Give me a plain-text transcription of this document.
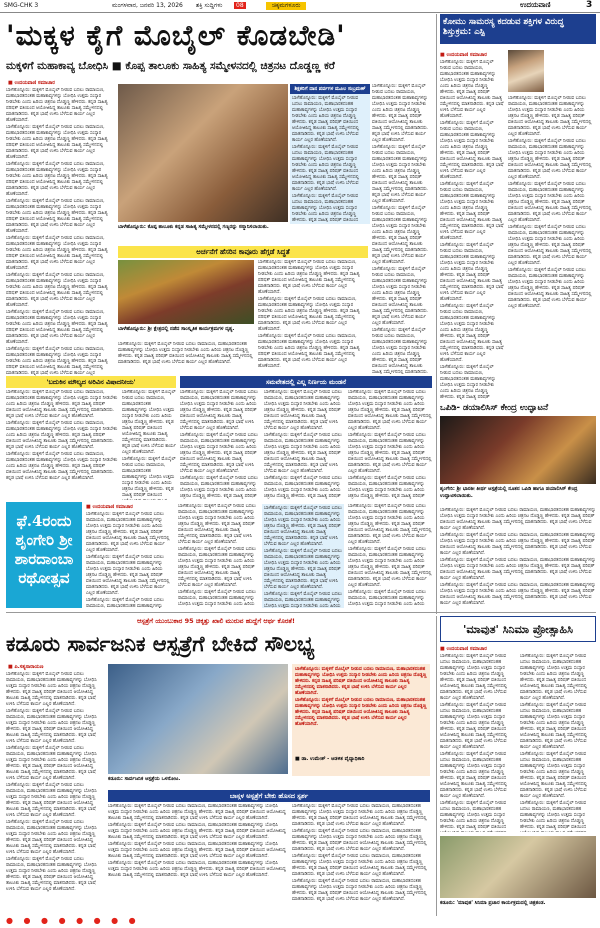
SMG-CHK 3	ಮಂಗಳವಾರ, ಜನವರಿ 13, 2026 ಶಕ್ತಿ ಸುದ್ದಿಗಳು	08	ಚಿಕ್ಕಮಗಳೂರು	ಉದಯವಾಣಿ	3
'ಮಕ್ಕಳ ಕೈಗೆ ಮೊಬೈಲ್ ಕೊಡಬೇಡಿ'
ಮಕ್ಕಳಿಗೆ ಮಹಾಕಾವ್ಯ ಬೋಧಿಸಿ ■ ಕೊಪ್ಪ ತಾಲೂಕು ಸಾಹಿತ್ಯ ಸಮ್ಮೇಳನದಲ್ಲಿ ಚಿತ್ರನಟ ದೊಡ್ಡಣ್ಣ ಕರೆ
■ ಉದಯವಾಣಿ ಸಮಾಚಾರ

ಬಾಳೆಹೊನ್ನೂರು: ಮಕ್ಕಳಿಗೆ ಮೊಬೈಲ್ ನೀಡುವ ಬದಲು ರಾಮಾಯಣ, ಮಹಾಭಾರತದಂತಹ ಮಹಾಕಾವ್ಯಗಳನ್ನು ಬೋಧಿಸಿ ಉತ್ತಮ ಸಂಸ್ಕಾರ ನೀಡಬೇಕು ಎಂದು ಹಿರಿಯ ಚಿತ್ರನಟ ದೊಡ್ಡಣ್ಣ ಹೇಳಿದರು. ಕನ್ನಡ ಸಾಹಿತ್ಯ ಪರಿಷತ್ ವತಿಯಿಂದ ಆಯೋಜಿಸಿದ್ದ ತಾಲೂಕು ಸಾಹಿತ್ಯ ಸಮ್ಮೇಳನದಲ್ಲಿ ಮಾತನಾಡಿದರು. ಕನ್ನಡ ಭಾಷೆ ಉಳಿಸಿ ಬೆಳೆಸುವ ಕಾರ್ಯ ಎಲ್ಲರ ಹೊಣೆಯಾಗಿದೆ.

ಬಾಳೆಹೊನ್ನೂರು: ಮಕ್ಕಳಿಗೆ ಮೊಬೈಲ್ ನೀಡುವ ಬದಲು ರಾಮಾಯಣ, ಮಹಾಭಾರತದಂತಹ ಮಹಾಕಾವ್ಯಗಳನ್ನು ಬೋಧಿಸಿ ಉತ್ತಮ ಸಂಸ್ಕಾರ ನೀಡಬೇಕು ಎಂದು ಹಿರಿಯ ಚಿತ್ರನಟ ದೊಡ್ಡಣ್ಣ ಹೇಳಿದರು. ಕನ್ನಡ ಸಾಹಿತ್ಯ ಪರಿಷತ್ ವತಿಯಿಂದ ಆಯೋಜಿಸಿದ್ದ ತಾಲೂಕು ಸಾಹಿತ್ಯ ಸಮ್ಮೇಳನದಲ್ಲಿ ಮಾತನಾಡಿದರು. ಕನ್ನಡ ಭಾಷೆ ಉಳಿಸಿ ಬೆಳೆಸುವ ಕಾರ್ಯ ಎಲ್ಲರ ಹೊಣೆಯಾಗಿದೆ.

ಬಾಳೆಹೊನ್ನೂರು: ಮಕ್ಕಳಿಗೆ ಮೊಬೈಲ್ ನೀಡುವ ಬದಲು ರಾಮಾಯಣ, ಮಹಾಭಾರತದಂತಹ ಮಹಾಕಾವ್ಯಗಳನ್ನು ಬೋಧಿಸಿ ಉತ್ತಮ ಸಂಸ್ಕಾರ ನೀಡಬೇಕು ಎಂದು ಹಿರಿಯ ಚಿತ್ರನಟ ದೊಡ್ಡಣ್ಣ ಹೇಳಿದರು. ಕನ್ನಡ ಸಾಹಿತ್ಯ ಪರಿಷತ್ ವತಿಯಿಂದ ಆಯೋಜಿಸಿದ್ದ ತಾಲೂಕು ಸಾಹಿತ್ಯ ಸಮ್ಮೇಳನದಲ್ಲಿ ಮಾತನಾಡಿದರು. ಕನ್ನಡ ಭಾಷೆ ಉಳಿಸಿ ಬೆಳೆಸುವ ಕಾರ್ಯ ಎಲ್ಲರ ಹೊಣೆಯಾಗಿದೆ.

ಬಾಳೆಹೊನ್ನೂರು: ಮಕ್ಕಳಿಗೆ ಮೊಬೈಲ್ ನೀಡುವ ಬದಲು ರಾಮಾಯಣ, ಮಹಾಭಾರತದಂತಹ ಮಹಾಕಾವ್ಯಗಳನ್ನು ಬೋಧಿಸಿ ಉತ್ತಮ ಸಂಸ್ಕಾರ ನೀಡಬೇಕು ಎಂದು ಹಿರಿಯ ಚಿತ್ರನಟ ದೊಡ್ಡಣ್ಣ ಹೇಳಿದರು. ಕನ್ನಡ ಸಾಹಿತ್ಯ ಪರಿಷತ್ ವತಿಯಿಂದ ಆಯೋಜಿಸಿದ್ದ ತಾಲೂಕು ಸಾಹಿತ್ಯ ಸಮ್ಮೇಳನದಲ್ಲಿ ಮಾತನಾಡಿದರು. ಕನ್ನಡ ಭಾಷೆ ಉಳಿಸಿ ಬೆಳೆಸುವ ಕಾರ್ಯ ಎಲ್ಲರ ಹೊಣೆಯಾಗಿದೆ.

ಬಾಳೆಹೊನ್ನೂರು: ಮಕ್ಕಳಿಗೆ ಮೊಬೈಲ್ ನೀಡುವ ಬದಲು ರಾಮಾಯಣ, ಮಹಾಭಾರತದಂತಹ ಮಹಾಕಾವ್ಯಗಳನ್ನು ಬೋಧಿಸಿ ಉತ್ತಮ ಸಂಸ್ಕಾರ ನೀಡಬೇಕು ಎಂದು ಹಿರಿಯ ಚಿತ್ರನಟ ದೊಡ್ಡಣ್ಣ ಹೇಳಿದರು. ಕನ್ನಡ ಸಾಹಿತ್ಯ ಪರಿಷತ್ ವತಿಯಿಂದ ಆಯೋಜಿಸಿದ್ದ ತಾಲೂಕು ಸಾಹಿತ್ಯ ಸಮ್ಮೇಳನದಲ್ಲಿ ಮಾತನಾಡಿದರು. ಕನ್ನಡ ಭಾಷೆ ಉಳಿಸಿ ಬೆಳೆಸುವ ಕಾರ್ಯ ಎಲ್ಲರ ಹೊಣೆಯಾಗಿದೆ.

ಬಾಳೆಹೊನ್ನೂರು: ಮಕ್ಕಳಿಗೆ ಮೊಬೈಲ್ ನೀಡುವ ಬದಲು ರಾಮಾಯಣ, ಮಹಾಭಾರತದಂತಹ ಮಹಾಕಾವ್ಯಗಳನ್ನು ಬೋಧಿಸಿ ಉತ್ತಮ ಸಂಸ್ಕಾರ ನೀಡಬೇಕು ಎಂದು ಹಿರಿಯ ಚಿತ್ರನಟ ದೊಡ್ಡಣ್ಣ ಹೇಳಿದರು. ಕನ್ನಡ ಸಾಹಿತ್ಯ ಪರಿಷತ್ ವತಿಯಿಂದ ಆಯೋಜಿಸಿದ್ದ ತಾಲೂಕು ಸಾಹಿತ್ಯ ಸಮ್ಮೇಳನದಲ್ಲಿ ಮಾತನಾಡಿದರು. ಕನ್ನಡ ಭಾಷೆ ಉಳಿಸಿ ಬೆಳೆಸುವ ಕಾರ್ಯ ಎಲ್ಲರ ಹೊಣೆಯಾಗಿದೆ.

ಬಾಳೆಹೊನ್ನೂರು: ಮಕ್ಕಳಿಗೆ ಮೊಬೈಲ್ ನೀಡುವ ಬದಲು ರಾಮಾಯಣ, ಮಹಾಭಾರತದಂತಹ ಮಹಾಕಾವ್ಯಗಳನ್ನು ಬೋಧಿಸಿ ಉತ್ತಮ ಸಂಸ್ಕಾರ ನೀಡಬೇಕು ಎಂದು ಹಿರಿಯ ಚಿತ್ರನಟ ದೊಡ್ಡಣ್ಣ ಹೇಳಿದರು. ಕನ್ನಡ ಸಾಹಿತ್ಯ ಪರಿಷತ್ ವತಿಯಿಂದ ಆಯೋಜಿಸಿದ್ದ ತಾಲೂಕು ಸಾಹಿತ್ಯ ಸಮ್ಮೇಳನದಲ್ಲಿ ಮಾತನಾಡಿದರು. ಕನ್ನಡ ಭಾಷೆ ಉಳಿಸಿ ಬೆಳೆಸುವ ಕಾರ್ಯ ಎಲ್ಲರ ಹೊಣೆಯಾಗಿದೆ.

ಬಾಳೆಹೊನ್ನೂರು: ಮಕ್ಕಳಿಗೆ ಮೊಬೈಲ್ ನೀಡುವ ಬದಲು ರಾಮಾಯಣ, ಮಹಾಭಾರತದಂತಹ ಮಹಾಕಾವ್ಯಗಳನ್ನು ಬೋಧಿಸಿ ಉತ್ತಮ ಸಂಸ್ಕಾರ ನೀಡಬೇಕು ಎಂದು ಹಿರಿಯ ಚಿತ್ರನಟ ದೊಡ್ಡಣ್ಣ ಹೇಳಿದರು. ಕನ್ನಡ ಸಾಹಿತ್ಯ ಪರಿಷತ್ ವತಿಯಿಂದ ಆಯೋಜಿಸಿದ್ದ ತಾಲೂಕು ಸಾಹಿತ್ಯ ಸಮ್ಮೇಳನದಲ್ಲಿ ಮಾತನಾಡಿದರು. ಕನ್ನಡ ಭಾಷೆ ಉಳಿಸಿ ಬೆಳೆಸುವ ಕಾರ್ಯ ಎಲ್ಲರ

ಬಾಳೆಹೊನ್ನೂರು: ಕೊಪ್ಪ ತಾಲೂಕು ಕನ್ನಡ ಸಾಹಿತ್ಯ ಸಮ್ಮೇಳನದಲ್ಲಿ ಗಣ್ಯರನ್ನು ಸನ್ಮಾನಿಸಲಾಯಿತು.
ಶಿಕ್ಷಕರಿಗೆ ದಾನ ಪರ್ವಗಳ ಮೂಲ ಸುಬ್ರಮಣ್

ಬಾಳೆಹೊನ್ನೂರು: ಮಕ್ಕಳಿಗೆ ಮೊಬೈಲ್ ನೀಡುವ ಬದಲು ರಾಮಾಯಣ, ಮಹಾಭಾರತದಂತಹ ಮಹಾಕಾವ್ಯಗಳನ್ನು ಬೋಧಿಸಿ ಉತ್ತಮ ಸಂಸ್ಕಾರ ನೀಡಬೇಕು ಎಂದು ಹಿರಿಯ ಚಿತ್ರನಟ ದೊಡ್ಡಣ್ಣ ಹೇಳಿದರು. ಕನ್ನಡ ಸಾಹಿತ್ಯ ಪರಿಷತ್ ವತಿಯಿಂದ ಆಯೋಜಿಸಿದ್ದ ತಾಲೂಕು ಸಾಹಿತ್ಯ ಸಮ್ಮೇಳನದಲ್ಲಿ ಮಾತನಾಡಿದರು. ಕನ್ನಡ ಭಾಷೆ ಉಳಿಸಿ ಬೆಳೆಸುವ ಕಾರ್ಯ ಎಲ್ಲರ ಹೊಣೆಯಾಗಿದೆ.

ಬಾಳೆಹೊನ್ನೂರು: ಮಕ್ಕಳಿಗೆ ಮೊಬೈಲ್ ನೀಡುವ ಬದಲು ರಾಮಾಯಣ, ಮಹಾಭಾರತದಂತಹ ಮಹಾಕಾವ್ಯಗಳನ್ನು ಬೋಧಿಸಿ ಉತ್ತಮ ಸಂಸ್ಕಾರ ನೀಡಬೇಕು ಎಂದು ಹಿರಿಯ ಚಿತ್ರನಟ ದೊಡ್ಡಣ್ಣ ಹೇಳಿದರು. ಕನ್ನಡ ಸಾಹಿತ್ಯ ಪರಿಷತ್ ವತಿಯಿಂದ ಆಯೋಜಿಸಿದ್ದ ತಾಲೂಕು ಸಾಹಿತ್ಯ ಸಮ್ಮೇಳನದಲ್ಲಿ ಮಾತನಾಡಿದರು. ಕನ್ನಡ ಭಾಷೆ ಉಳಿಸಿ ಬೆಳೆಸುವ ಕಾರ್ಯ ಎಲ್ಲರ ಹೊಣೆಯಾಗಿದೆ.

ಬಾಳೆಹೊನ್ನೂರು: ಮಕ್ಕಳಿಗೆ ಮೊಬೈಲ್ ನೀಡುವ ಬದಲು ರಾಮಾಯಣ, ಮಹಾಭಾರತದಂತಹ ಮಹಾಕಾವ್ಯಗಳನ್ನು ಬೋಧಿಸಿ ಉತ್ತಮ ಸಂಸ್ಕಾರ ನೀಡಬೇಕು ಎಂದು ಹಿರಿಯ ಚಿತ್ರನಟ ದೊಡ್ಡಣ್ಣ ಹೇಳಿದರು. ಕನ್ನಡ ಸಾಹಿತ್ಯ ಪರಿಷತ್ ವತಿಯಿಂದ

ಬಾಳೆಹೊನ್ನೂರು: ಮಕ್ಕಳಿಗೆ ಮೊಬೈಲ್ ನೀಡುವ ಬದಲು ರಾಮಾಯಣ, ಮಹಾಭಾರತದಂತಹ ಮಹಾಕಾವ್ಯಗಳನ್ನು ಬೋಧಿಸಿ ಉತ್ತಮ ಸಂಸ್ಕಾರ ನೀಡಬೇಕು ಎಂದು ಹಿರಿಯ ಚಿತ್ರನಟ ದೊಡ್ಡಣ್ಣ ಹೇಳಿದರು. ಕನ್ನಡ ಸಾಹಿತ್ಯ ಪರಿಷತ್ ವತಿಯಿಂದ ಆಯೋಜಿಸಿದ್ದ ತಾಲೂಕು ಸಾಹಿತ್ಯ ಸಮ್ಮೇಳನದಲ್ಲಿ ಮಾತನಾಡಿದರು. ಕನ್ನಡ ಭಾಷೆ ಉಳಿಸಿ ಬೆಳೆಸುವ ಕಾರ್ಯ ಎಲ್ಲರ ಹೊಣೆಯಾಗಿದೆ.

ಬಾಳೆಹೊನ್ನೂರು: ಮಕ್ಕಳಿಗೆ ಮೊಬೈಲ್ ನೀಡುವ ಬದಲು ರಾಮಾಯಣ, ಮಹಾಭಾರತದಂತಹ ಮಹಾಕಾವ್ಯಗಳನ್ನು ಬೋಧಿಸಿ ಉತ್ತಮ ಸಂಸ್ಕಾರ ನೀಡಬೇಕು ಎಂದು ಹಿರಿಯ ಚಿತ್ರನಟ ದೊಡ್ಡಣ್ಣ ಹೇಳಿದರು. ಕನ್ನಡ ಸಾಹಿತ್ಯ ಪರಿಷತ್ ವತಿಯಿಂದ ಆಯೋಜಿಸಿದ್ದ ತಾಲೂಕು ಸಾಹಿತ್ಯ ಸಮ್ಮೇಳನದಲ್ಲಿ ಮಾತನಾಡಿದರು. ಕನ್ನಡ ಭಾಷೆ ಉಳಿಸಿ ಬೆಳೆಸುವ ಕಾರ್ಯ ಎಲ್ಲರ ಹೊಣೆಯಾಗಿದೆ.

ಬಾಳೆಹೊನ್ನೂರು: ಮಕ್ಕಳಿಗೆ ಮೊಬೈಲ್ ನೀಡುವ ಬದಲು ರಾಮಾಯಣ, ಮಹಾಭಾರತದಂತಹ ಮಹಾಕಾವ್ಯಗಳನ್ನು ಬೋಧಿಸಿ ಉತ್ತಮ ಸಂಸ್ಕಾರ ನೀಡಬೇಕು ಎಂದು ಹಿರಿಯ ಚಿತ್ರನಟ ದೊಡ್ಡಣ್ಣ ಹೇಳಿದರು. ಕನ್ನಡ ಸಾಹಿತ್ಯ ಪರಿಷತ್ ವತಿಯಿಂದ ಆಯೋಜಿಸಿದ್ದ ತಾಲೂಕು ಸಾಹಿತ್ಯ ಸಮ್ಮೇಳನದಲ್ಲಿ ಮಾತನಾಡಿದರು. ಕನ್ನಡ ಭಾಷೆ ಉಳಿಸಿ ಬೆಳೆಸುವ ಕಾರ್ಯ ಎಲ್ಲರ ಹೊಣೆಯಾಗಿದೆ.

ಬಾಳೆಹೊನ್ನೂರು: ಮಕ್ಕಳಿಗೆ ಮೊಬೈಲ್ ನೀಡುವ ಬದಲು ರಾಮಾಯಣ, ಮಹಾಭಾರತದಂತಹ ಮಹಾಕಾವ್ಯಗಳನ್ನು ಬೋಧಿಸಿ ಉತ್ತಮ ಸಂಸ್ಕಾರ ನೀಡಬೇಕು ಎಂದು ಹಿರಿಯ ಚಿತ್ರನಟ ದೊಡ್ಡಣ್ಣ ಹೇಳಿದರು. ಕನ್ನಡ ಸಾಹಿತ್ಯ ಪರಿಷತ್ ವತಿಯಿಂದ ಆಯೋಜಿಸಿದ್ದ ತಾಲೂಕು ಸಾಹಿತ್ಯ ಸಮ್ಮೇಳನದಲ್ಲಿ ಮಾತನಾಡಿದರು. ಕನ್ನಡ ಭಾಷೆ ಉಳಿಸಿ ಬೆಳೆಸುವ ಕಾರ್ಯ ಎಲ್ಲರ ಹೊಣೆಯಾಗಿದೆ.

ಬಾಳೆಹೊನ್ನೂರು: ಮಕ್ಕಳಿಗೆ ಮೊಬೈಲ್ ನೀಡುವ ಬದಲು ರಾಮಾಯಣ, ಮಹಾಭಾರತದಂತಹ ಮಹಾಕಾವ್ಯಗಳನ್ನು ಬೋಧಿಸಿ ಉತ್ತಮ ಸಂಸ್ಕಾರ ನೀಡಬೇಕು ಎಂದು ಹಿರಿಯ ಚಿತ್ರನಟ ದೊಡ್ಡಣ್ಣ ಹೇಳಿದರು. ಕನ್ನಡ ಸಾಹಿತ್ಯ ಪರಿಷತ್ ವತಿಯಿಂದ ಆಯೋಜಿಸಿದ್ದ ತಾಲೂಕು ಸಾಹಿತ್ಯ ಸಮ್ಮೇಳನದಲ್ಲಿ ಮಾತನಾಡಿದರು.

ಅರ್ಚನೆಗೆ ಹೆಸರಿನ ಕಾವೂರು ಹೆಗ್ಗಡೆ ಸಿದ್ಧತೆ
ಬಾಳೆಹೊನ್ನೂರು: ಶ್ರೀ ಕ್ಷೇತ್ರದಲ್ಲಿ ನಡೆದ ಸಾಂಸ್ಕೃತಿಕ ಕಾರ್ಯಕ್ರಮಗಳ ದೃಶ್ಯ.

ಬಾಳೆಹೊನ್ನೂರು: ಮಕ್ಕಳಿಗೆ ಮೊಬೈಲ್ ನೀಡುವ ಬದಲು ರಾಮಾಯಣ, ಮಹಾಭಾರತದಂತಹ ಮಹಾಕಾವ್ಯಗಳನ್ನು ಬೋಧಿಸಿ ಉತ್ತಮ ಸಂಸ್ಕಾರ ನೀಡಬೇಕು ಎಂದು ಹಿರಿಯ ಚಿತ್ರನಟ ದೊಡ್ಡಣ್ಣ ಹೇಳಿದರು. ಕನ್ನಡ ಸಾಹಿತ್ಯ ಪರಿಷತ್ ವತಿಯಿಂದ ಆಯೋಜಿಸಿದ್ದ ತಾಲೂಕು ಸಾಹಿತ್ಯ ಸಮ್ಮೇಳನದಲ್ಲಿ ಮಾತನಾಡಿದರು. ಕನ್ನಡ ಭಾಷೆ ಉಳಿಸಿ ಬೆಳೆಸುವ ಕಾರ್ಯ ಎಲ್ಲರ ಹೊಣೆಯಾಗಿದೆ.

ಬಾಳೆಹೊನ್ನೂರು: ಮಕ್ಕಳಿಗೆ ಮೊಬೈಲ್ ನೀಡುವ ಬದಲು ರಾಮಾಯಣ, ಮಹಾಭಾರತದಂತಹ ಮಹಾಕಾವ್ಯಗಳನ್ನು ಬೋಧಿಸಿ ಉತ್ತಮ ಸಂಸ್ಕಾರ ನೀಡಬೇಕು ಎಂದು ಹಿರಿಯ ಚಿತ್ರನಟ ದೊಡ್ಡಣ್ಣ ಹೇಳಿದರು. ಕನ್ನಡ ಸಾಹಿತ್ಯ ಪರಿಷತ್ ವತಿಯಿಂದ ಆಯೋಜಿಸಿದ್ದ ತಾಲೂಕು ಸಾಹಿತ್ಯ ಸಮ್ಮೇಳನದಲ್ಲಿ ಮಾತನಾಡಿದರು. ಕನ್ನಡ ಭಾಷೆ ಉಳಿಸಿ ಬೆಳೆಸುವ ಕಾರ್ಯ ಎಲ್ಲರ ಹೊಣೆಯಾಗಿದೆ.

ಬಾಳೆಹೊನ್ನೂರು: ಮಕ್ಕಳಿಗೆ ಮೊಬೈಲ್ ನೀಡುವ ಬದಲು ರಾಮಾಯಣ, ಮಹಾಭಾರತದಂತಹ ಮಹಾಕಾವ್ಯಗಳನ್ನು ಬೋಧಿಸಿ ಉತ್ತಮ ಸಂಸ್ಕಾರ ನೀಡಬೇಕು ಎಂದು ಹಿರಿಯ ಚಿತ್ರನಟ ದೊಡ್ಡಣ್ಣ ಹೇಳಿದರು. ಕನ್ನಡ ಸಾಹಿತ್ಯ ಪರಿಷತ್ ವತಿಯಿಂದ ಆಯೋಜಿಸಿದ್ದ ತಾಲೂಕು ಸಾಹಿತ್ಯ ಸಮ್ಮೇಳನದಲ್ಲಿ ಮಾತನಾಡಿದರು. ಕನ್ನಡ ಭಾಷೆ ಉಳಿಸಿ ಬೆಳೆಸುವ ಕಾರ್ಯ ಎಲ್ಲರ ಹೊಣೆಯಾಗಿದೆ.

ಬಾಳೆಹೊನ್ನೂರು: ಮಕ್ಕಳಿಗೆ ಮೊಬೈಲ್ ನೀಡುವ ಬದಲು ರಾಮಾಯಣ, ಮಹಾಭಾರತದಂತಹ ಮಹಾಕಾವ್ಯಗಳನ್ನು ಬೋಧಿಸಿ ಉತ್ತಮ ಸಂಸ್ಕಾರ ನೀಡಬೇಕು ಎಂದು ಹಿರಿಯ ಚಿತ್ರನಟ ದೊಡ್ಡಣ್ಣ ಹೇಳಿದರು. ಕನ್ನಡ ಸಾಹಿತ್ಯ ಪರಿಷತ್ ವತಿಯಿಂದ ಆಯೋಜಿಸಿದ್ದ ತಾಲೂಕು ಸಾಹಿತ್ಯ ಸಮ್ಮೇಳನದಲ್ಲಿ ಮಾತನಾಡಿದರು. ಕನ್ನಡ ಭಾಷೆ ಉಳಿಸಿ ಬೆಳೆಸುವ ಕಾರ್ಯ ಎಲ್ಲರ ಹೊಣೆಯಾಗಿದೆ.

ಕೋಮು ಸಾಮರಸ್ಯ ಕದಡುವ ಶಕ್ತಿಗಳ ವಿರುದ್ಧ ಶಿಸ್ತುಕ್ರಮ: ಎಸ್ಪಿ
■ ಉದಯವಾಣಿ ಸಮಾಚಾರ

ಬಾಳೆಹೊನ್ನೂರು: ಮಕ್ಕಳಿಗೆ ಮೊಬೈಲ್ ನೀಡುವ ಬದಲು ರಾಮಾಯಣ, ಮಹಾಭಾರತದಂತಹ ಮಹಾಕಾವ್ಯಗಳನ್ನು ಬೋಧಿಸಿ ಉತ್ತಮ ಸಂಸ್ಕಾರ ನೀಡಬೇಕು ಎಂದು ಹಿರಿಯ ಚಿತ್ರನಟ ದೊಡ್ಡಣ್ಣ ಹೇಳಿದರು. ಕನ್ನಡ ಸಾಹಿತ್ಯ ಪರಿಷತ್ ವತಿಯಿಂದ ಆಯೋಜಿಸಿದ್ದ ತಾಲೂಕು ಸಾಹಿತ್ಯ ಸಮ್ಮೇಳನದಲ್ಲಿ ಮಾತನಾಡಿದರು. ಕನ್ನಡ ಭಾಷೆ ಉಳಿಸಿ ಬೆಳೆಸುವ ಕಾರ್ಯ ಎಲ್ಲರ ಹೊಣೆಯಾಗಿದೆ.

ಬಾಳೆಹೊನ್ನೂರು: ಮಕ್ಕಳಿಗೆ ಮೊಬೈಲ್ ನೀಡುವ ಬದಲು ರಾಮಾಯಣ, ಮಹಾಭಾರತದಂತಹ ಮಹಾಕಾವ್ಯಗಳನ್ನು ಬೋಧಿಸಿ ಉತ್ತಮ ಸಂಸ್ಕಾರ ನೀಡಬೇಕು ಎಂದು ಹಿರಿಯ ಚಿತ್ರನಟ ದೊಡ್ಡಣ್ಣ ಹೇಳಿದರು. ಕನ್ನಡ ಸಾಹಿತ್ಯ ಪರಿಷತ್ ವತಿಯಿಂದ ಆಯೋಜಿಸಿದ್ದ ತಾಲೂಕು ಸಾಹಿತ್ಯ ಸಮ್ಮೇಳನದಲ್ಲಿ ಮಾತನಾಡಿದರು. ಕನ್ನಡ ಭಾಷೆ ಉಳಿಸಿ ಬೆಳೆಸುವ ಕಾರ್ಯ ಎಲ್ಲರ ಹೊಣೆಯಾಗಿದೆ.

ಬಾಳೆಹೊನ್ನೂರು: ಮಕ್ಕಳಿಗೆ ಮೊಬೈಲ್ ನೀಡುವ ಬದಲು ರಾಮಾಯಣ, ಮಹಾಭಾರತದಂತಹ ಮಹಾಕಾವ್ಯಗಳನ್ನು ಬೋಧಿಸಿ ಉತ್ತಮ ಸಂಸ್ಕಾರ ನೀಡಬೇಕು ಎಂದು ಹಿರಿಯ ಚಿತ್ರನಟ ದೊಡ್ಡಣ್ಣ ಹೇಳಿದರು. ಕನ್ನಡ ಸಾಹಿತ್ಯ ಪರಿಷತ್ ವತಿಯಿಂದ ಆಯೋಜಿಸಿದ್ದ ತಾಲೂಕು ಸಾಹಿತ್ಯ ಸಮ್ಮೇಳನದಲ್ಲಿ ಮಾತನಾಡಿದರು. ಕನ್ನಡ ಭಾಷೆ ಉಳಿಸಿ ಬೆಳೆಸುವ ಕಾರ್ಯ ಎಲ್ಲರ ಹೊಣೆಯಾಗಿದೆ.

ಬಾಳೆಹೊನ್ನೂರು: ಮಕ್ಕಳಿಗೆ ಮೊಬೈಲ್ ನೀಡುವ ಬದಲು ರಾಮಾಯಣ, ಮಹಾಭಾರತದಂತಹ ಮಹಾಕಾವ್ಯಗಳನ್ನು ಬೋಧಿಸಿ ಉತ್ತಮ ಸಂಸ್ಕಾರ ನೀಡಬೇಕು ಎಂದು ಹಿರಿಯ ಚಿತ್ರನಟ ದೊಡ್ಡಣ್ಣ ಹೇಳಿದರು. ಕನ್ನಡ ಸಾಹಿತ್ಯ ಪರಿಷತ್ ವತಿಯಿಂದ ಆಯೋಜಿಸಿದ್ದ ತಾಲೂಕು ಸಾಹಿತ್ಯ ಸಮ್ಮೇಳನದಲ್ಲಿ ಮಾತನಾಡಿದರು. ಕನ್ನಡ ಭಾಷೆ ಉಳಿಸಿ ಬೆಳೆಸುವ ಕಾರ್ಯ ಎಲ್ಲರ ಹೊಣೆಯಾಗಿದೆ.

ಬಾಳೆಹೊನ್ನೂರು: ಮಕ್ಕಳಿಗೆ ಮೊಬೈಲ್ ನೀಡುವ ಬದಲು ರಾಮಾಯಣ, ಮಹಾಭಾರತದಂತಹ ಮಹಾಕಾವ್ಯಗಳನ್ನು ಬೋಧಿಸಿ ಉತ್ತಮ ಸಂಸ್ಕಾರ ನೀಡಬೇಕು ಎಂದು ಹಿರಿಯ ಚಿತ್ರನಟ ದೊಡ್ಡಣ್ಣ ಹೇಳಿದರು. ಕನ್ನಡ ಸಾಹಿತ್ಯ ಪರಿಷತ್ ವತಿಯಿಂದ ಆಯೋಜಿಸಿದ್ದ ತಾಲೂಕು ಸಾಹಿತ್ಯ ಸಮ್ಮೇಳನದಲ್ಲಿ ಮಾತನಾಡಿದರು. ಕನ್ನಡ ಭಾಷೆ ಉಳಿಸಿ ಬೆಳೆಸುವ ಕಾರ್ಯ ಎಲ್ಲರ ಹೊಣೆಯಾಗಿದೆ.

ಬಾಳೆಹೊನ್ನೂರು: ಮಕ್ಕಳಿಗೆ ಮೊಬೈಲ್ ನೀಡುವ ಬದಲು ರಾಮಾಯಣ, ಮಹಾಭಾರತದಂತಹ ಮಹಾಕಾವ್ಯಗಳನ್ನು ಬೋಧಿಸಿ ಉತ್ತಮ ಸಂಸ್ಕಾರ ನೀಡಬೇಕು ಎಂದು ಹಿರಿಯ ಚಿತ್ರನಟ ದೊಡ್ಡಣ್ಣ ಹೇಳಿದರು. ಕನ್ನಡ ಸಾಹಿತ್ಯ ಪರಿಷತ್

ಬಾಳೆಹೊನ್ನೂರು: ಮಕ್ಕಳಿಗೆ ಮೊಬೈಲ್ ನೀಡುವ ಬದಲು ರಾಮಾಯಣ, ಮಹಾಭಾರತದಂತಹ ಮಹಾಕಾವ್ಯಗಳನ್ನು ಬೋಧಿಸಿ ಉತ್ತಮ ಸಂಸ್ಕಾರ ನೀಡಬೇಕು ಎಂದು ಹಿರಿಯ ಚಿತ್ರನಟ ದೊಡ್ಡಣ್ಣ ಹೇಳಿದರು. ಕನ್ನಡ ಸಾಹಿತ್ಯ ಪರಿಷತ್ ವತಿಯಿಂದ ಆಯೋಜಿಸಿದ್ದ ತಾಲೂಕು ಸಾಹಿತ್ಯ ಸಮ್ಮೇಳನದಲ್ಲಿ ಮಾತನಾಡಿದರು. ಕನ್ನಡ ಭಾಷೆ ಉಳಿಸಿ ಬೆಳೆಸುವ ಕಾರ್ಯ ಎಲ್ಲರ ಹೊಣೆಯಾಗಿದೆ.

ಬಾಳೆಹೊನ್ನೂರು: ಮಕ್ಕಳಿಗೆ ಮೊಬೈಲ್ ನೀಡುವ ಬದಲು ರಾಮಾಯಣ, ಮಹಾಭಾರತದಂತಹ ಮಹಾಕಾವ್ಯಗಳನ್ನು ಬೋಧಿಸಿ ಉತ್ತಮ ಸಂಸ್ಕಾರ ನೀಡಬೇಕು ಎಂದು ಹಿರಿಯ ಚಿತ್ರನಟ ದೊಡ್ಡಣ್ಣ ಹೇಳಿದರು. ಕನ್ನಡ ಸಾಹಿತ್ಯ ಪರಿಷತ್ ವತಿಯಿಂದ ಆಯೋಜಿಸಿದ್ದ ತಾಲೂಕು ಸಾಹಿತ್ಯ ಸಮ್ಮೇಳನದಲ್ಲಿ ಮಾತನಾಡಿದರು. ಕನ್ನಡ ಭಾಷೆ ಉಳಿಸಿ ಬೆಳೆಸುವ ಕಾರ್ಯ ಎಲ್ಲರ ಹೊಣೆಯಾಗಿದೆ.

ಬಾಳೆಹೊನ್ನೂರು: ಮಕ್ಕಳಿಗೆ ಮೊಬೈಲ್ ನೀಡುವ ಬದಲು ರಾಮಾಯಣ, ಮಹಾಭಾರತದಂತಹ ಮಹಾಕಾವ್ಯಗಳನ್ನು ಬೋಧಿಸಿ ಉತ್ತಮ ಸಂಸ್ಕಾರ ನೀಡಬೇಕು ಎಂದು ಹಿರಿಯ ಚಿತ್ರನಟ ದೊಡ್ಡಣ್ಣ ಹೇಳಿದರು. ಕನ್ನಡ ಸಾಹಿತ್ಯ ಪರಿಷತ್ ವತಿಯಿಂದ ಆಯೋಜಿಸಿದ್ದ ತಾಲೂಕು ಸಾಹಿತ್ಯ ಸಮ್ಮೇಳನದಲ್ಲಿ ಮಾತನಾಡಿದರು. ಕನ್ನಡ ಭಾಷೆ ಉಳಿಸಿ ಬೆಳೆಸುವ ಕಾರ್ಯ ಎಲ್ಲರ ಹೊಣೆಯಾಗಿದೆ.

ಬಾಳೆಹೊನ್ನೂರು: ಮಕ್ಕಳಿಗೆ ಮೊಬೈಲ್ ನೀಡುವ ಬದಲು ರಾಮಾಯಣ, ಮಹಾಭಾರತದಂತಹ ಮಹಾಕಾವ್ಯಗಳನ್ನು ಬೋಧಿಸಿ ಉತ್ತಮ ಸಂಸ್ಕಾರ ನೀಡಬೇಕು ಎಂದು ಹಿರಿಯ ಚಿತ್ರನಟ ದೊಡ್ಡಣ್ಣ ಹೇಳಿದರು. ಕನ್ನಡ ಸಾಹಿತ್ಯ ಪರಿಷತ್ ವತಿಯಿಂದ ಆಯೋಜಿಸಿದ್ದ ತಾಲೂಕು ಸಾಹಿತ್ಯ ಸಮ್ಮೇಳನದಲ್ಲಿ ಮಾತನಾಡಿದರು. ಕನ್ನಡ ಭಾಷೆ ಉಳಿಸಿ ಬೆಳೆಸುವ ಕಾರ್ಯ ಎಲ್ಲರ ಹೊಣೆಯಾಗಿದೆ.

ಬಾಳೆಹೊನ್ನೂರು: ಮಕ್ಕಳಿಗೆ ಮೊಬೈಲ್ ನೀಡುವ ಬದಲು ರಾಮಾಯಣ, ಮಹಾಭಾರತದಂತಹ ಮಹಾಕಾವ್ಯಗಳನ್ನು ಬೋಧಿಸಿ ಉತ್ತಮ ಸಂಸ್ಕಾರ ನೀಡಬೇಕು ಎಂದು ಹಿರಿಯ ಚಿತ್ರನಟ ದೊಡ್ಡಣ್ಣ ಹೇಳಿದರು. ಕನ್ನಡ ಸಾಹಿತ್ಯ ಪರಿಷತ್ ವತಿಯಿಂದ ಆಯೋಜಿಸಿದ್ದ ತಾಲೂಕು ಸಾಹಿತ್ಯ ಸಮ್ಮೇಳನದಲ್ಲಿ ಮಾತನಾಡಿದರು. ಕನ್ನಡ ಭಾಷೆ ಉಳಿಸಿ ಬೆಳೆಸುವ ಕಾರ್ಯ ಎಲ್ಲರ ಹೊಣೆಯಾಗಿದೆ.

ಒಪಿಡಿ- ಡಯಾಲಿಸಿಸ್ ಕೇಂದ್ರ ಉದ್ಘಾಟನೆ
ಶೃಂಗೇರಿ: ಶ್ರೀ ಭಾರತೀ ತೀರ್ಥ ಆಸ್ಪತ್ರೆಯಲ್ಲಿ ನೂತನ ಒಪಿಡಿ ಹಾಗೂ ಡಯಾಲಿಸಿಸ್ ಕೇಂದ್ರ ಉದ್ಘಾಟಿಸಲಾಯಿತು.

ಬಾಳೆಹೊನ್ನೂರು: ಮಕ್ಕಳಿಗೆ ಮೊಬೈಲ್ ನೀಡುವ ಬದಲು ರಾಮಾಯಣ, ಮಹಾಭಾರತದಂತಹ ಮಹಾಕಾವ್ಯಗಳನ್ನು ಬೋಧಿಸಿ ಉತ್ತಮ ಸಂಸ್ಕಾರ ನೀಡಬೇಕು ಎಂದು ಹಿರಿಯ ಚಿತ್ರನಟ ದೊಡ್ಡಣ್ಣ ಹೇಳಿದರು. ಕನ್ನಡ ಸಾಹಿತ್ಯ ಪರಿಷತ್ ವತಿಯಿಂದ ಆಯೋಜಿಸಿದ್ದ ತಾಲೂಕು ಸಾಹಿತ್ಯ ಸಮ್ಮೇಳನದಲ್ಲಿ ಮಾತನಾಡಿದರು. ಕನ್ನಡ ಭಾಷೆ ಉಳಿಸಿ ಬೆಳೆಸುವ ಕಾರ್ಯ ಎಲ್ಲರ ಹೊಣೆಯಾಗಿದೆ.

ಬಾಳೆಹೊನ್ನೂರು: ಮಕ್ಕಳಿಗೆ ಮೊಬೈಲ್ ನೀಡುವ ಬದಲು ರಾಮಾಯಣ, ಮಹಾಭಾರತದಂತಹ ಮಹಾಕಾವ್ಯಗಳನ್ನು ಬೋಧಿಸಿ ಉತ್ತಮ ಸಂಸ್ಕಾರ ನೀಡಬೇಕು ಎಂದು ಹಿರಿಯ ಚಿತ್ರನಟ ದೊಡ್ಡಣ್ಣ ಹೇಳಿದರು. ಕನ್ನಡ ಸಾಹಿತ್ಯ ಪರಿಷತ್ ವತಿಯಿಂದ ಆಯೋಜಿಸಿದ್ದ ತಾಲೂಕು ಸಾಹಿತ್ಯ ಸಮ್ಮೇಳನದಲ್ಲಿ ಮಾತನಾಡಿದರು. ಕನ್ನಡ ಭಾಷೆ ಉಳಿಸಿ ಬೆಳೆಸುವ ಕಾರ್ಯ ಎಲ್ಲರ ಹೊಣೆಯಾಗಿದೆ.

ಬಾಳೆಹೊನ್ನೂರು: ಮಕ್ಕಳಿಗೆ ಮೊಬೈಲ್ ನೀಡುವ ಬದಲು ರಾಮಾಯಣ, ಮಹಾಭಾರತದಂತಹ ಮಹಾಕಾವ್ಯಗಳನ್ನು ಬೋಧಿಸಿ ಉತ್ತಮ ಸಂಸ್ಕಾರ ನೀಡಬೇಕು ಎಂದು ಹಿರಿಯ ಚಿತ್ರನಟ ದೊಡ್ಡಣ್ಣ ಹೇಳಿದರು. ಕನ್ನಡ ಸಾಹಿತ್ಯ ಪರಿಷತ್ ವತಿಯಿಂದ ಆಯೋಜಿಸಿದ್ದ ತಾಲೂಕು ಸಾಹಿತ್ಯ ಸಮ್ಮೇಳನದಲ್ಲಿ ಮಾತನಾಡಿದರು. ಕನ್ನಡ ಭಾಷೆ ಉಳಿಸಿ ಬೆಳೆಸುವ ಕಾರ್ಯ ಎಲ್ಲರ ಹೊಣೆಯಾಗಿದೆ.

ಬಾಳೆಹೊನ್ನೂರು: ಮಕ್ಕಳಿಗೆ ಮೊಬೈಲ್ ನೀಡುವ ಬದಲು ರಾಮಾಯಣ, ಮಹಾಭಾರತದಂತಹ ಮಹಾಕಾವ್ಯಗಳನ್ನು ಬೋಧಿಸಿ ಉತ್ತಮ ಸಂಸ್ಕಾರ ನೀಡಬೇಕು ಎಂದು ಹಿರಿಯ ಚಿತ್ರನಟ ದೊಡ್ಡಣ್ಣ ಹೇಳಿದರು. ಕನ್ನಡ ಸಾಹಿತ್ಯ ಪರಿಷತ್ ವತಿಯಿಂದ ಆಯೋಜಿಸಿದ್ದ ತಾಲೂಕು ಸಾಹಿತ್ಯ ಸಮ್ಮೇಳನದಲ್ಲಿ ಮಾತನಾಡಿದರು. ಕನ್ನಡ ಭಾಷೆ ಉಳಿಸಿ ಬೆಳೆಸುವ ಕಾರ್ಯ ಎಲ್ಲರ ಹೊಣೆಯಾಗಿದೆ.

'ಬದುಕಿನ ಮೌಲ್ಯದ ಅರಿವಿನ ವಿಷಾದನೀಯ'

ಬಾಳೆಹೊನ್ನೂರು: ಮಕ್ಕಳಿಗೆ ಮೊಬೈಲ್ ನೀಡುವ ಬದಲು ರಾಮಾಯಣ, ಮಹಾಭಾರತದಂತಹ ಮಹಾಕಾವ್ಯಗಳನ್ನು ಬೋಧಿಸಿ ಉತ್ತಮ ಸಂಸ್ಕಾರ ನೀಡಬೇಕು ಎಂದು ಹಿರಿಯ ಚಿತ್ರನಟ ದೊಡ್ಡಣ್ಣ ಹೇಳಿದರು. ಕನ್ನಡ ಸಾಹಿತ್ಯ ಪರಿಷತ್ ವತಿಯಿಂದ ಆಯೋಜಿಸಿದ್ದ ತಾಲೂಕು ಸಾಹಿತ್ಯ ಸಮ್ಮೇಳನದಲ್ಲಿ ಮಾತನಾಡಿದರು. ಕನ್ನಡ ಭಾಷೆ ಉಳಿಸಿ ಬೆಳೆಸುವ ಕಾರ್ಯ ಎಲ್ಲರ ಹೊಣೆಯಾಗಿದೆ.

ಬಾಳೆಹೊನ್ನೂರು: ಮಕ್ಕಳಿಗೆ ಮೊಬೈಲ್ ನೀಡುವ ಬದಲು ರಾಮಾಯಣ, ಮಹಾಭಾರತದಂತಹ ಮಹಾಕಾವ್ಯಗಳನ್ನು ಬೋಧಿಸಿ ಉತ್ತಮ ಸಂಸ್ಕಾರ ನೀಡಬೇಕು ಎಂದು ಹಿರಿಯ ಚಿತ್ರನಟ ದೊಡ್ಡಣ್ಣ ಹೇಳಿದರು. ಕನ್ನಡ ಸಾಹಿತ್ಯ ಪರಿಷತ್ ವತಿಯಿಂದ ಆಯೋಜಿಸಿದ್ದ ತಾಲೂಕು ಸಾಹಿತ್ಯ ಸಮ್ಮೇಳನದಲ್ಲಿ ಮಾತನಾಡಿದರು. ಕನ್ನಡ ಭಾಷೆ ಉಳಿಸಿ ಬೆಳೆಸುವ ಕಾರ್ಯ ಎಲ್ಲರ ಹೊಣೆಯಾಗಿದೆ.

ಬಾಳೆಹೊನ್ನೂರು: ಮಕ್ಕಳಿಗೆ ಮೊಬೈಲ್ ನೀಡುವ ಬದಲು ರಾಮಾಯಣ, ಮಹಾಭಾರತದಂತಹ ಮಹಾಕಾವ್ಯಗಳನ್ನು ಬೋಧಿಸಿ ಉತ್ತಮ ಸಂಸ್ಕಾರ ನೀಡಬೇಕು ಎಂದು ಹಿರಿಯ ಚಿತ್ರನಟ ದೊಡ್ಡಣ್ಣ ಹೇಳಿದರು. ಕನ್ನಡ ಸಾಹಿತ್ಯ ಪರಿಷತ್ ವತಿಯಿಂದ ಆಯೋಜಿಸಿದ್ದ ತಾಲೂಕು ಸಾಹಿತ್ಯ ಸಮ್ಮೇಳನದಲ್ಲಿ ಮಾತನಾಡಿದರು. ಕನ್ನಡ ಭಾಷೆ ಉಳಿಸಿ ಬೆಳೆಸುವ ಕಾರ್ಯ ಎಲ್ಲರ ಹೊಣೆಯಾಗಿದೆ.

ಬಾಳೆಹೊನ್ನೂರು: ಮಕ್ಕಳಿಗೆ ಮೊಬೈಲ್ ನೀಡುವ ಬದಲು ರಾಮಾಯಣ, ಮಹಾಭಾರತದಂತಹ ಮಹಾಕಾವ್ಯಗಳನ್ನು ಬೋಧಿಸಿ ಉತ್ತಮ ಸಂಸ್ಕಾರ ನೀಡಬೇಕು ಎಂದು ಹಿರಿಯ ಚಿತ್ರನಟ ದೊಡ್ಡಣ್ಣ ಹೇಳಿದರು. ಕನ್ನಡ ಸಾಹಿತ್ಯ ಪರಿಷತ್ ವತಿಯಿಂದ ಆಯೋಜಿಸಿದ್ದ ತಾಲೂಕು ಸಾಹಿತ್ಯ ಸಮ್ಮೇಳನದಲ್ಲಿ ಮಾತನಾಡಿದರು. ಕನ್ನಡ ಭಾಷೆ ಉಳಿಸಿ ಬೆಳೆಸುವ ಕಾರ್ಯ ಎಲ್ಲರ ಹೊಣೆಯಾಗಿದೆ.

ಬಾಳೆಹೊನ್ನೂರು: ಮಕ್ಕಳಿಗೆ ಮೊಬೈಲ್ ನೀಡುವ ಬದಲು ರಾಮಾಯಣ, ಮಹಾಭಾರತದಂತಹ ಮಹಾಕಾವ್ಯಗಳನ್ನು ಬೋಧಿಸಿ ಉತ್ತಮ ಸಂಸ್ಕಾರ ನೀಡಬೇಕು ಎಂದು ಹಿರಿಯ ಚಿತ್ರನಟ ದೊಡ್ಡಣ್ಣ ಹೇಳಿದರು. ಕನ್ನಡ ಸಾಹಿತ್ಯ ಪರಿಷತ್ ವತಿಯಿಂದ

ಸಮವೇತದಲ್ಲಿ ಎಲ್ಲ ನಿರ್ಣಯ ಮಂಡನೆ

ಬಾಳೆಹೊನ್ನೂರು: ಮಕ್ಕಳಿಗೆ ಮೊಬೈಲ್ ನೀಡುವ ಬದಲು ರಾಮಾಯಣ, ಮಹಾಭಾರತದಂತಹ ಮಹಾಕಾವ್ಯಗಳನ್ನು ಬೋಧಿಸಿ ಉತ್ತಮ ಸಂಸ್ಕಾರ ನೀಡಬೇಕು ಎಂದು ಹಿರಿಯ ಚಿತ್ರನಟ ದೊಡ್ಡಣ್ಣ ಹೇಳಿದರು. ಕನ್ನಡ ಸಾಹಿತ್ಯ ಪರಿಷತ್ ವತಿಯಿಂದ ಆಯೋಜಿಸಿದ್ದ ತಾಲೂಕು ಸಾಹಿತ್ಯ ಸಮ್ಮೇಳನದಲ್ಲಿ ಮಾತನಾಡಿದರು. ಕನ್ನಡ ಭಾಷೆ ಉಳಿಸಿ ಬೆಳೆಸುವ ಕಾರ್ಯ ಎಲ್ಲರ ಹೊಣೆಯಾಗಿದೆ.

ಬಾಳೆಹೊನ್ನೂರು: ಮಕ್ಕಳಿಗೆ ಮೊಬೈಲ್ ನೀಡುವ ಬದಲು ರಾಮಾಯಣ, ಮಹಾಭಾರತದಂತಹ ಮಹಾಕಾವ್ಯಗಳನ್ನು ಬೋಧಿಸಿ ಉತ್ತಮ ಸಂಸ್ಕಾರ ನೀಡಬೇಕು ಎಂದು ಹಿರಿಯ ಚಿತ್ರನಟ ದೊಡ್ಡಣ್ಣ ಹೇಳಿದರು. ಕನ್ನಡ ಸಾಹಿತ್ಯ ಪರಿಷತ್ ವತಿಯಿಂದ ಆಯೋಜಿಸಿದ್ದ ತಾಲೂಕು ಸಾಹಿತ್ಯ ಸಮ್ಮೇಳನದಲ್ಲಿ ಮಾತನಾಡಿದರು. ಕನ್ನಡ ಭಾಷೆ ಉಳಿಸಿ ಬೆಳೆಸುವ ಕಾರ್ಯ ಎಲ್ಲರ ಹೊಣೆಯಾಗಿದೆ.

ಬಾಳೆಹೊನ್ನೂರು: ಮಕ್ಕಳಿಗೆ ಮೊಬೈಲ್ ನೀಡುವ ಬದಲು ರಾಮಾಯಣ, ಮಹಾಭಾರತದಂತಹ ಮಹಾಕಾವ್ಯಗಳನ್ನು ಬೋಧಿಸಿ ಉತ್ತಮ ಸಂಸ್ಕಾರ ನೀಡಬೇಕು ಎಂದು ಹಿರಿಯ ಚಿತ್ರನಟ ದೊಡ್ಡಣ್ಣ ಹೇಳಿದರು. ಕನ್ನಡ ಸಾಹಿತ್ಯ ಪರಿಷತ್

ಬಾಳೆಹೊನ್ನೂರು: ಮಕ್ಕಳಿಗೆ ಮೊಬೈಲ್ ನೀಡುವ ಬದಲು ರಾಮಾಯಣ, ಮಹಾಭಾರತದಂತಹ ಮಹಾಕಾವ್ಯಗಳನ್ನು ಬೋಧಿಸಿ ಉತ್ತಮ ಸಂಸ್ಕಾರ ನೀಡಬೇಕು ಎಂದು ಹಿರಿಯ ಚಿತ್ರನಟ ದೊಡ್ಡಣ್ಣ ಹೇಳಿದರು. ಕನ್ನಡ ಸಾಹಿತ್ಯ ಪರಿಷತ್ ವತಿಯಿಂದ ಆಯೋಜಿಸಿದ್ದ ತಾಲೂಕು ಸಾಹಿತ್ಯ ಸಮ್ಮೇಳನದಲ್ಲಿ ಮಾತನಾಡಿದರು. ಕನ್ನಡ ಭಾಷೆ ಉಳಿಸಿ ಬೆಳೆಸುವ ಕಾರ್ಯ ಎಲ್ಲರ ಹೊಣೆಯಾಗಿದೆ.

ಬಾಳೆಹೊನ್ನೂರು: ಮಕ್ಕಳಿಗೆ ಮೊಬೈಲ್ ನೀಡುವ ಬದಲು ರಾಮಾಯಣ, ಮಹಾಭಾರತದಂತಹ ಮಹಾಕಾವ್ಯಗಳನ್ನು ಬೋಧಿಸಿ ಉತ್ತಮ ಸಂಸ್ಕಾರ ನೀಡಬೇಕು ಎಂದು ಹಿರಿಯ ಚಿತ್ರನಟ ದೊಡ್ಡಣ್ಣ ಹೇಳಿದರು. ಕನ್ನಡ ಸಾಹಿತ್ಯ ಪರಿಷತ್ ವತಿಯಿಂದ ಆಯೋಜಿಸಿದ್ದ ತಾಲೂಕು ಸಾಹಿತ್ಯ ಸಮ್ಮೇಳನದಲ್ಲಿ ಮಾತನಾಡಿದರು. ಕನ್ನಡ ಭಾಷೆ ಉಳಿಸಿ ಬೆಳೆಸುವ ಕಾರ್ಯ ಎಲ್ಲರ ಹೊಣೆಯಾಗಿದೆ.

ಬಾಳೆಹೊನ್ನೂರು: ಮಕ್ಕಳಿಗೆ ಮೊಬೈಲ್ ನೀಡುವ ಬದಲು ರಾಮಾಯಣ, ಮಹಾಭಾರತದಂತಹ ಮಹಾಕಾವ್ಯಗಳನ್ನು ಬೋಧಿಸಿ ಉತ್ತಮ ಸಂಸ್ಕಾರ ನೀಡಬೇಕು ಎಂದು ಹಿರಿಯ ಚಿತ್ರನಟ ದೊಡ್ಡಣ್ಣ ಹೇಳಿದರು. ಕನ್ನಡ ಸಾಹಿತ್ಯ ಪರಿಷತ್

ಬಾಳೆಹೊನ್ನೂರು: ಮಕ್ಕಳಿಗೆ ಮೊಬೈಲ್ ನೀಡುವ ಬದಲು ರಾಮಾಯಣ, ಮಹಾಭಾರತದಂತಹ ಮಹಾಕಾವ್ಯಗಳನ್ನು ಬೋಧಿಸಿ ಉತ್ತಮ ಸಂಸ್ಕಾರ ನೀಡಬೇಕು ಎಂದು ಹಿರಿಯ ಚಿತ್ರನಟ ದೊಡ್ಡಣ್ಣ ಹೇಳಿದರು. ಕನ್ನಡ ಸಾಹಿತ್ಯ ಪರಿಷತ್ ವತಿಯಿಂದ ಆಯೋಜಿಸಿದ್ದ ತಾಲೂಕು ಸಾಹಿತ್ಯ ಸಮ್ಮೇಳನದಲ್ಲಿ ಮಾತನಾಡಿದರು. ಕನ್ನಡ ಭಾಷೆ ಉಳಿಸಿ ಬೆಳೆಸುವ ಕಾರ್ಯ ಎಲ್ಲರ ಹೊಣೆಯಾಗಿದೆ.

ಬಾಳೆಹೊನ್ನೂರು: ಮಕ್ಕಳಿಗೆ ಮೊಬೈಲ್ ನೀಡುವ ಬದಲು ರಾಮಾಯಣ, ಮಹಾಭಾರತದಂತಹ ಮಹಾಕಾವ್ಯಗಳನ್ನು ಬೋಧಿಸಿ ಉತ್ತಮ ಸಂಸ್ಕಾರ ನೀಡಬೇಕು ಎಂದು ಹಿರಿಯ ಚಿತ್ರನಟ ದೊಡ್ಡಣ್ಣ ಹೇಳಿದರು. ಕನ್ನಡ ಸಾಹಿತ್ಯ ಪರಿಷತ್ ವತಿಯಿಂದ ಆಯೋಜಿಸಿದ್ದ ತಾಲೂಕು ಸಾಹಿತ್ಯ ಸಮ್ಮೇಳನದಲ್ಲಿ ಮಾತನಾಡಿದರು. ಕನ್ನಡ ಭಾಷೆ ಉಳಿಸಿ ಬೆಳೆಸುವ ಕಾರ್ಯ ಎಲ್ಲರ ಹೊಣೆಯಾಗಿದೆ.

ಬಾಳೆಹೊನ್ನೂರು: ಮಕ್ಕಳಿಗೆ ಮೊಬೈಲ್ ನೀಡುವ ಬದಲು ರಾಮಾಯಣ, ಮಹಾಭಾರತದಂತಹ ಮಹಾಕಾವ್ಯಗಳನ್ನು ಬೋಧಿಸಿ ಉತ್ತಮ ಸಂಸ್ಕಾರ ನೀಡಬೇಕು ಎಂದು ಹಿರಿಯ ಚಿತ್ರನಟ ದೊಡ್ಡಣ್ಣ ಹೇಳಿದರು. ಕನ್ನಡ ಸಾಹಿತ್ಯ ಪರಿಷತ್

ಫೆ.4ರಂದು ಶೃಂಗೇರಿ ಶ್ರೀ ಶಾರದಾಂಬಾ ರಥೋತ್ಸವ
■ ಉದಯವಾಣಿ ಸಮಾಚಾರ

ಬಾಳೆಹೊನ್ನೂರು: ಮಕ್ಕಳಿಗೆ ಮೊಬೈಲ್ ನೀಡುವ ಬದಲು ರಾಮಾಯಣ, ಮಹಾಭಾರತದಂತಹ ಮಹಾಕಾವ್ಯಗಳನ್ನು ಬೋಧಿಸಿ ಉತ್ತಮ ಸಂಸ್ಕಾರ ನೀಡಬೇಕು ಎಂದು ಹಿರಿಯ ಚಿತ್ರನಟ ದೊಡ್ಡಣ್ಣ ಹೇಳಿದರು. ಕನ್ನಡ ಸಾಹಿತ್ಯ ಪರಿಷತ್ ವತಿಯಿಂದ ಆಯೋಜಿಸಿದ್ದ ತಾಲೂಕು ಸಾಹಿತ್ಯ ಸಮ್ಮೇಳನದಲ್ಲಿ ಮಾತನಾಡಿದರು. ಕನ್ನಡ ಭಾಷೆ ಉಳಿಸಿ ಬೆಳೆಸುವ ಕಾರ್ಯ ಎಲ್ಲರ ಹೊಣೆಯಾಗಿದೆ.

ಬಾಳೆಹೊನ್ನೂರು: ಮಕ್ಕಳಿಗೆ ಮೊಬೈಲ್ ನೀಡುವ ಬದಲು ರಾಮಾಯಣ, ಮಹಾಭಾರತದಂತಹ ಮಹಾಕಾವ್ಯಗಳನ್ನು ಬೋಧಿಸಿ ಉತ್ತಮ ಸಂಸ್ಕಾರ ನೀಡಬೇಕು ಎಂದು ಹಿರಿಯ ಚಿತ್ರನಟ ದೊಡ್ಡಣ್ಣ ಹೇಳಿದರು. ಕನ್ನಡ ಸಾಹಿತ್ಯ ಪರಿಷತ್ ವತಿಯಿಂದ ಆಯೋಜಿಸಿದ್ದ ತಾಲೂಕು ಸಾಹಿತ್ಯ ಸಮ್ಮೇಳನದಲ್ಲಿ ಮಾತನಾಡಿದರು. ಕನ್ನಡ ಭಾಷೆ ಉಳಿಸಿ ಬೆಳೆಸುವ ಕಾರ್ಯ ಎಲ್ಲರ ಹೊಣೆಯಾಗಿದೆ.

ಬಾಳೆಹೊನ್ನೂರು: ಮಕ್ಕಳಿಗೆ ಮೊಬೈಲ್ ನೀಡುವ ಬದಲು ರಾಮಾಯಣ, ಮಹಾಭಾರತದಂತಹ ಮಹಾಕಾವ್ಯಗಳನ್ನು

ಬಾಳೆಹೊನ್ನೂರು: ಮಕ್ಕಳಿಗೆ ಮೊಬೈಲ್ ನೀಡುವ ಬದಲು ರಾಮಾಯಣ, ಮಹಾಭಾರತದಂತಹ ಮಹಾಕಾವ್ಯಗಳನ್ನು ಬೋಧಿಸಿ ಉತ್ತಮ ಸಂಸ್ಕಾರ ನೀಡಬೇಕು ಎಂದು ಹಿರಿಯ ಚಿತ್ರನಟ ದೊಡ್ಡಣ್ಣ ಹೇಳಿದರು. ಕನ್ನಡ ಸಾಹಿತ್ಯ ಪರಿಷತ್ ವತಿಯಿಂದ ಆಯೋಜಿಸಿದ್ದ ತಾಲೂಕು ಸಾಹಿತ್ಯ ಸಮ್ಮೇಳನದಲ್ಲಿ ಮಾತನಾಡಿದರು. ಕನ್ನಡ ಭಾಷೆ ಉಳಿಸಿ ಬೆಳೆಸುವ ಕಾರ್ಯ ಎಲ್ಲರ ಹೊಣೆಯಾಗಿದೆ.

ಬಾಳೆಹೊನ್ನೂರು: ಮಕ್ಕಳಿಗೆ ಮೊಬೈಲ್ ನೀಡುವ ಬದಲು ರಾಮಾಯಣ, ಮಹಾಭಾರತದಂತಹ ಮಹಾಕಾವ್ಯಗಳನ್ನು ಬೋಧಿಸಿ ಉತ್ತಮ ಸಂಸ್ಕಾರ ನೀಡಬೇಕು ಎಂದು ಹಿರಿಯ ಚಿತ್ರನಟ ದೊಡ್ಡಣ್ಣ ಹೇಳಿದರು. ಕನ್ನಡ ಸಾಹಿತ್ಯ ಪರಿಷತ್ ವತಿಯಿಂದ ಆಯೋಜಿಸಿದ್ದ ತಾಲೂಕು ಸಾಹಿತ್ಯ ಸಮ್ಮೇಳನದಲ್ಲಿ ಮಾತನಾಡಿದರು. ಕನ್ನಡ ಭಾಷೆ ಉಳಿಸಿ ಬೆಳೆಸುವ ಕಾರ್ಯ ಎಲ್ಲರ ಹೊಣೆಯಾಗಿದೆ.

ಬಾಳೆಹೊನ್ನೂರು: ಮಕ್ಕಳಿಗೆ ಮೊಬೈಲ್ ನೀಡುವ ಬದಲು ರಾಮಾಯಣ, ಮಹಾಭಾರತದಂತಹ ಮಹಾಕಾವ್ಯಗಳನ್ನು ಬೋಧಿಸಿ ಉತ್ತಮ ಸಂಸ್ಕಾರ ನೀಡಬೇಕು ಎಂದು ಹಿರಿಯ

ಬಾಳೆಹೊನ್ನೂರು: ಮಕ್ಕಳಿಗೆ ಮೊಬೈಲ್ ನೀಡುವ ಬದಲು ರಾಮಾಯಣ, ಮಹಾಭಾರತದಂತಹ ಮಹಾಕಾವ್ಯಗಳನ್ನು ಬೋಧಿಸಿ ಉತ್ತಮ ಸಂಸ್ಕಾರ ನೀಡಬೇಕು ಎಂದು ಹಿರಿಯ ಚಿತ್ರನಟ ದೊಡ್ಡಣ್ಣ ಹೇಳಿದರು. ಕನ್ನಡ ಸಾಹಿತ್ಯ ಪರಿಷತ್ ವತಿಯಿಂದ ಆಯೋಜಿಸಿದ್ದ ತಾಲೂಕು ಸಾಹಿತ್ಯ ಸಮ್ಮೇಳನದಲ್ಲಿ ಮಾತನಾಡಿದರು. ಕನ್ನಡ ಭಾಷೆ ಉಳಿಸಿ ಬೆಳೆಸುವ ಕಾರ್ಯ ಎಲ್ಲರ ಹೊಣೆಯಾಗಿದೆ.

ಬಾಳೆಹೊನ್ನೂರು: ಮಕ್ಕಳಿಗೆ ಮೊಬೈಲ್ ನೀಡುವ ಬದಲು ರಾಮಾಯಣ, ಮಹಾಭಾರತದಂತಹ ಮಹಾಕಾವ್ಯಗಳನ್ನು ಬೋಧಿಸಿ ಉತ್ತಮ ಸಂಸ್ಕಾರ ನೀಡಬೇಕು ಎಂದು ಹಿರಿಯ ಚಿತ್ರನಟ ದೊಡ್ಡಣ್ಣ ಹೇಳಿದರು. ಕನ್ನಡ ಸಾಹಿತ್ಯ ಪರಿಷತ್ ವತಿಯಿಂದ ಆಯೋಜಿಸಿದ್ದ ತಾಲೂಕು ಸಾಹಿತ್ಯ ಸಮ್ಮೇಳನದಲ್ಲಿ ಮಾತನಾಡಿದರು. ಕನ್ನಡ ಭಾಷೆ ಉಳಿಸಿ ಬೆಳೆಸುವ ಕಾರ್ಯ ಎಲ್ಲರ ಹೊಣೆಯಾಗಿದೆ.

ಬಾಳೆಹೊನ್ನೂರು: ಮಕ್ಕಳಿಗೆ ಮೊಬೈಲ್ ನೀಡುವ ಬದಲು ರಾಮಾಯಣ, ಮಹಾಭಾರತದಂತಹ ಮಹಾಕಾವ್ಯಗಳನ್ನು ಬೋಧಿಸಿ ಉತ್ತಮ ಸಂಸ್ಕಾರ ನೀಡಬೇಕು ಎಂದು ಹಿರಿಯ

ಬಾಳೆಹೊನ್ನೂರು: ಮಕ್ಕಳಿಗೆ ಮೊಬೈಲ್ ನೀಡುವ ಬದಲು ರಾಮಾಯಣ, ಮಹಾಭಾರತದಂತಹ ಮಹಾಕಾವ್ಯಗಳನ್ನು ಬೋಧಿಸಿ ಉತ್ತಮ ಸಂಸ್ಕಾರ ನೀಡಬೇಕು ಎಂದು ಹಿರಿಯ ಚಿತ್ರನಟ ದೊಡ್ಡಣ್ಣ ಹೇಳಿದರು. ಕನ್ನಡ ಸಾಹಿತ್ಯ ಪರಿಷತ್ ವತಿಯಿಂದ ಆಯೋಜಿಸಿದ್ದ ತಾಲೂಕು ಸಾಹಿತ್ಯ ಸಮ್ಮೇಳನದಲ್ಲಿ ಮಾತನಾಡಿದರು. ಕನ್ನಡ ಭಾಷೆ ಉಳಿಸಿ ಬೆಳೆಸುವ ಕಾರ್ಯ ಎಲ್ಲರ ಹೊಣೆಯಾಗಿದೆ.

ಬಾಳೆಹೊನ್ನೂರು: ಮಕ್ಕಳಿಗೆ ಮೊಬೈಲ್ ನೀಡುವ ಬದಲು ರಾಮಾಯಣ, ಮಹಾಭಾರತದಂತಹ ಮಹಾಕಾವ್ಯಗಳನ್ನು ಬೋಧಿಸಿ ಉತ್ತಮ ಸಂಸ್ಕಾರ ನೀಡಬೇಕು ಎಂದು ಹಿರಿಯ ಚಿತ್ರನಟ ದೊಡ್ಡಣ್ಣ ಹೇಳಿದರು. ಕನ್ನಡ ಸಾಹಿತ್ಯ ಪರಿಷತ್ ವತಿಯಿಂದ ಆಯೋಜಿಸಿದ್ದ ತಾಲೂಕು ಸಾಹಿತ್ಯ ಸಮ್ಮೇಳನದಲ್ಲಿ ಮಾತನಾಡಿದರು. ಕನ್ನಡ ಭಾಷೆ ಉಳಿಸಿ ಬೆಳೆಸುವ ಕಾರ್ಯ ಎಲ್ಲರ ಹೊಣೆಯಾಗಿದೆ.

ಬಾಳೆಹೊನ್ನೂರು: ಮಕ್ಕಳಿಗೆ ಮೊಬೈಲ್ ನೀಡುವ ಬದಲು ರಾಮಾಯಣ, ಮಹಾಭಾರತದಂತಹ ಮಹಾಕಾವ್ಯಗಳನ್ನು ಬೋಧಿಸಿ ಉತ್ತಮ ಸಂಸ್ಕಾರ ನೀಡಬೇಕು ಎಂದು ಹಿರಿಯ

ಆಸ್ಪತ್ರೆಗೆ ಯುಂಬುಕಾರ 95 ಚಿಕ್ಕತ್ತು ಖಾಲಿ ಮುರುವ ಹುದ್ದೆಗೆ ಆರ್ಥ ಕೊರತೆ!
ಕಡೂರು ಸಾರ್ವಜನಿಕ ಆಸ್ಪತ್ರೆಗೆ ಬೇಕಿದೆ ಸೌಲಭ್ಯ
■ ಪಿ.ಸತ್ಯನಾರಾಯಣ

ಬಾಳೆಹೊನ್ನೂರು: ಮಕ್ಕಳಿಗೆ ಮೊಬೈಲ್ ನೀಡುವ ಬದಲು ರಾಮಾಯಣ, ಮಹಾಭಾರತದಂತಹ ಮಹಾಕಾವ್ಯಗಳನ್ನು ಬೋಧಿಸಿ ಉತ್ತಮ ಸಂಸ್ಕಾರ ನೀಡಬೇಕು ಎಂದು ಹಿರಿಯ ಚಿತ್ರನಟ ದೊಡ್ಡಣ್ಣ ಹೇಳಿದರು. ಕನ್ನಡ ಸಾಹಿತ್ಯ ಪರಿಷತ್ ವತಿಯಿಂದ ಆಯೋಜಿಸಿದ್ದ ತಾಲೂಕು ಸಾಹಿತ್ಯ ಸಮ್ಮೇಳನದಲ್ಲಿ ಮಾತನಾಡಿದರು. ಕನ್ನಡ ಭಾಷೆ ಉಳಿಸಿ ಬೆಳೆಸುವ ಕಾರ್ಯ ಎಲ್ಲರ ಹೊಣೆಯಾಗಿದೆ.

ಬಾಳೆಹೊನ್ನೂರು: ಮಕ್ಕಳಿಗೆ ಮೊಬೈಲ್ ನೀಡುವ ಬದಲು ರಾಮಾಯಣ, ಮಹಾಭಾರತದಂತಹ ಮಹಾಕಾವ್ಯಗಳನ್ನು ಬೋಧಿಸಿ ಉತ್ತಮ ಸಂಸ್ಕಾರ ನೀಡಬೇಕು ಎಂದು ಹಿರಿಯ ಚಿತ್ರನಟ ದೊಡ್ಡಣ್ಣ ಹೇಳಿದರು. ಕನ್ನಡ ಸಾಹಿತ್ಯ ಪರಿಷತ್ ವತಿಯಿಂದ ಆಯೋಜಿಸಿದ್ದ ತಾಲೂಕು ಸಾಹಿತ್ಯ ಸಮ್ಮೇಳನದಲ್ಲಿ ಮಾತನಾಡಿದರು. ಕನ್ನಡ ಭಾಷೆ ಉಳಿಸಿ ಬೆಳೆಸುವ ಕಾರ್ಯ ಎಲ್ಲರ ಹೊಣೆಯಾಗಿದೆ.

ಬಾಳೆಹೊನ್ನೂರು: ಮಕ್ಕಳಿಗೆ ಮೊಬೈಲ್ ನೀಡುವ ಬದಲು ರಾಮಾಯಣ, ಮಹಾಭಾರತದಂತಹ ಮಹಾಕಾವ್ಯಗಳನ್ನು ಬೋಧಿಸಿ ಉತ್ತಮ ಸಂಸ್ಕಾರ ನೀಡಬೇಕು ಎಂದು ಹಿರಿಯ ಚಿತ್ರನಟ ದೊಡ್ಡಣ್ಣ ಹೇಳಿದರು. ಕನ್ನಡ ಸಾಹಿತ್ಯ ಪರಿಷತ್ ವತಿಯಿಂದ ಆಯೋಜಿಸಿದ್ದ ತಾಲೂಕು ಸಾಹಿತ್ಯ ಸಮ್ಮೇಳನದಲ್ಲಿ ಮಾತನಾಡಿದರು. ಕನ್ನಡ ಭಾಷೆ ಉಳಿಸಿ ಬೆಳೆಸುವ ಕಾರ್ಯ ಎಲ್ಲರ ಹೊಣೆಯಾಗಿದೆ.

ಬಾಳೆಹೊನ್ನೂರು: ಮಕ್ಕಳಿಗೆ ಮೊಬೈಲ್ ನೀಡುವ ಬದಲು ರಾಮಾಯಣ, ಮಹಾಭಾರತದಂತಹ ಮಹಾಕಾವ್ಯಗಳನ್ನು ಬೋಧಿಸಿ ಉತ್ತಮ ಸಂಸ್ಕಾರ ನೀಡಬೇಕು ಎಂದು ಹಿರಿಯ ಚಿತ್ರನಟ ದೊಡ್ಡಣ್ಣ ಹೇಳಿದರು. ಕನ್ನಡ ಸಾಹಿತ್ಯ ಪರಿಷತ್ ವತಿಯಿಂದ ಆಯೋಜಿಸಿದ್ದ ತಾಲೂಕು ಸಾಹಿತ್ಯ ಸಮ್ಮೇಳನದಲ್ಲಿ ಮಾತನಾಡಿದರು. ಕನ್ನಡ ಭಾಷೆ ಉಳಿಸಿ ಬೆಳೆಸುವ ಕಾರ್ಯ ಎಲ್ಲರ ಹೊಣೆಯಾಗಿದೆ.

ಬಾಳೆಹೊನ್ನೂರು: ಮಕ್ಕಳಿಗೆ ಮೊಬೈಲ್ ನೀಡುವ ಬದಲು ರಾಮಾಯಣ, ಮಹಾಭಾರತದಂತಹ ಮಹಾಕಾವ್ಯಗಳನ್ನು ಬೋಧಿಸಿ ಉತ್ತಮ ಸಂಸ್ಕಾರ ನೀಡಬೇಕು ಎಂದು ಹಿರಿಯ ಚಿತ್ರನಟ ದೊಡ್ಡಣ್ಣ ಹೇಳಿದರು. ಕನ್ನಡ ಸಾಹಿತ್ಯ ಪರಿಷತ್ ವತಿಯಿಂದ ಆಯೋಜಿಸಿದ್ದ ತಾಲೂಕು ಸಾಹಿತ್ಯ ಸಮ್ಮೇಳನದಲ್ಲಿ ಮಾತನಾಡಿದರು. ಕನ್ನಡ ಭಾಷೆ ಉಳಿಸಿ ಬೆಳೆಸುವ ಕಾರ್ಯ ಎಲ್ಲರ ಹೊಣೆಯಾಗಿದೆ.

ಬಾಳೆಹೊನ್ನೂರು: ಮಕ್ಕಳಿಗೆ ಮೊಬೈಲ್ ನೀಡುವ ಬದಲು ರಾಮಾಯಣ, ಮಹಾಭಾರತದಂತಹ ಮಹಾಕಾವ್ಯಗಳನ್ನು ಬೋಧಿಸಿ ಉತ್ತಮ ಸಂಸ್ಕಾರ ನೀಡಬೇಕು ಎಂದು ಹಿರಿಯ ಚಿತ್ರನಟ ದೊಡ್ಡಣ್ಣ ಹೇಳಿದರು. ಕನ್ನಡ ಸಾಹಿತ್ಯ ಪರಿಷತ್ ವತಿಯಿಂದ ಆಯೋಜಿಸಿದ್ದ ತಾಲೂಕು ಸಾಹಿತ್ಯ ಸಮ್ಮೇಳನದಲ್ಲಿ ಮಾತನಾಡಿದರು. ಕನ್ನಡ ಭಾಷೆ ಉಳಿಸಿ ಬೆಳೆಸುವ ಕಾರ್ಯ ಎಲ್ಲರ ಹೊಣೆಯಾಗಿದೆ.

ಕಡೂರು: ಸಾರ್ವಜನಿಕ ಆಸ್ಪತ್ರೆಯ ಒಳನೋಟ.

ಬಾಳೆಹೊನ್ನೂರು: ಮಕ್ಕಳಿಗೆ ಮೊಬೈಲ್ ನೀಡುವ ಬದಲು ರಾಮಾಯಣ, ಮಹಾಭಾರತದಂತಹ ಮಹಾಕಾವ್ಯಗಳನ್ನು ಬೋಧಿಸಿ ಉತ್ತಮ ಸಂಸ್ಕಾರ ನೀಡಬೇಕು ಎಂದು ಹಿರಿಯ ಚಿತ್ರನಟ ದೊಡ್ಡಣ್ಣ ಹೇಳಿದರು. ಕನ್ನಡ ಸಾಹಿತ್ಯ ಪರಿಷತ್ ವತಿಯಿಂದ ಆಯೋಜಿಸಿದ್ದ ತಾಲೂಕು ಸಾಹಿತ್ಯ ಸಮ್ಮೇಳನದಲ್ಲಿ ಮಾತನಾಡಿದರು. ಕನ್ನಡ ಭಾಷೆ ಉಳಿಸಿ ಬೆಳೆಸುವ ಕಾರ್ಯ ಎಲ್ಲರ ಹೊಣೆಯಾಗಿದೆ.

ಬಾಳೆಹೊನ್ನೂರು: ಮಕ್ಕಳಿಗೆ ಮೊಬೈಲ್ ನೀಡುವ ಬದಲು ರಾಮಾಯಣ, ಮಹಾಭಾರತದಂತಹ ಮಹಾಕಾವ್ಯಗಳನ್ನು ಬೋಧಿಸಿ ಉತ್ತಮ ಸಂಸ್ಕಾರ ನೀಡಬೇಕು ಎಂದು ಹಿರಿಯ ಚಿತ್ರನಟ ದೊಡ್ಡಣ್ಣ ಹೇಳಿದರು. ಕನ್ನಡ ಸಾಹಿತ್ಯ ಪರಿಷತ್ ವತಿಯಿಂದ ಆಯೋಜಿಸಿದ್ದ ತಾಲೂಕು ಸಾಹಿತ್ಯ ಸಮ್ಮೇಳನದಲ್ಲಿ ಮಾತನಾಡಿದರು. ಕನ್ನಡ ಭಾಷೆ ಉಳಿಸಿ ಬೆಳೆಸುವ ಕಾರ್ಯ ಎಲ್ಲರ ಹೊಣೆಯಾಗಿದೆ.

■ ಡಾ. ಉಮೇಶ್ - ಆಡಳಿತ ವೈದ್ಯಾಧಿಕಾರಿ
ಬಾಸ್ಗಳ ಅಸ್ಪತ್ರೆಗೆ ಬೇಕು ಹೊಸದ ಸ್ಪರ್ಶ

ಬಾಳೆಹೊನ್ನೂರು: ಮಕ್ಕಳಿಗೆ ಮೊಬೈಲ್ ನೀಡುವ ಬದಲು ರಾಮಾಯಣ, ಮಹಾಭಾರತದಂತಹ ಮಹಾಕಾವ್ಯಗಳನ್ನು ಬೋಧಿಸಿ ಉತ್ತಮ ಸಂಸ್ಕಾರ ನೀಡಬೇಕು ಎಂದು ಹಿರಿಯ ಚಿತ್ರನಟ ದೊಡ್ಡಣ್ಣ ಹೇಳಿದರು. ಕನ್ನಡ ಸಾಹಿತ್ಯ ಪರಿಷತ್ ವತಿಯಿಂದ ಆಯೋಜಿಸಿದ್ದ ತಾಲೂಕು ಸಾಹಿತ್ಯ ಸಮ್ಮೇಳನದಲ್ಲಿ ಮಾತನಾಡಿದರು. ಕನ್ನಡ ಭಾಷೆ ಉಳಿಸಿ ಬೆಳೆಸುವ ಕಾರ್ಯ ಎಲ್ಲರ ಹೊಣೆಯಾಗಿದೆ.

ಬಾಳೆಹೊನ್ನೂರು: ಮಕ್ಕಳಿಗೆ ಮೊಬೈಲ್ ನೀಡುವ ಬದಲು ರಾಮಾಯಣ, ಮಹಾಭಾರತದಂತಹ ಮಹಾಕಾವ್ಯಗಳನ್ನು ಬೋಧಿಸಿ ಉತ್ತಮ ಸಂಸ್ಕಾರ ನೀಡಬೇಕು ಎಂದು ಹಿರಿಯ ಚಿತ್ರನಟ ದೊಡ್ಡಣ್ಣ ಹೇಳಿದರು. ಕನ್ನಡ ಸಾಹಿತ್ಯ ಪರಿಷತ್ ವತಿಯಿಂದ ಆಯೋಜಿಸಿದ್ದ ತಾಲೂಕು ಸಾಹಿತ್ಯ ಸಮ್ಮೇಳನದಲ್ಲಿ ಮಾತನಾಡಿದರು. ಕನ್ನಡ ಭಾಷೆ ಉಳಿಸಿ ಬೆಳೆಸುವ ಕಾರ್ಯ ಎಲ್ಲರ ಹೊಣೆಯಾಗಿದೆ.

ಬಾಳೆಹೊನ್ನೂರು: ಮಕ್ಕಳಿಗೆ ಮೊಬೈಲ್ ನೀಡುವ ಬದಲು ರಾಮಾಯಣ, ಮಹಾಭಾರತದಂತಹ ಮಹಾಕಾವ್ಯಗಳನ್ನು ಬೋಧಿಸಿ ಉತ್ತಮ ಸಂಸ್ಕಾರ ನೀಡಬೇಕು ಎಂದು ಹಿರಿಯ ಚಿತ್ರನಟ ದೊಡ್ಡಣ್ಣ ಹೇಳಿದರು. ಕನ್ನಡ ಸಾಹಿತ್ಯ ಪರಿಷತ್ ವತಿಯಿಂದ ಆಯೋಜಿಸಿದ್ದ ತಾಲೂಕು ಸಾಹಿತ್ಯ ಸಮ್ಮೇಳನದಲ್ಲಿ ಮಾತನಾಡಿದರು. ಕನ್ನಡ ಭಾಷೆ ಉಳಿಸಿ ಬೆಳೆಸುವ ಕಾರ್ಯ ಎಲ್ಲರ ಹೊಣೆಯಾಗಿದೆ.

ಬಾಳೆಹೊನ್ನೂರು: ಮಕ್ಕಳಿಗೆ ಮೊಬೈಲ್ ನೀಡುವ ಬದಲು ರಾಮಾಯಣ, ಮಹಾಭಾರತದಂತಹ ಮಹಾಕಾವ್ಯಗಳನ್ನು ಬೋಧಿಸಿ ಉತ್ತಮ ಸಂಸ್ಕಾರ ನೀಡಬೇಕು ಎಂದು ಹಿರಿಯ ಚಿತ್ರನಟ ದೊಡ್ಡಣ್ಣ ಹೇಳಿದರು. ಕನ್ನಡ ಸಾಹಿತ್ಯ ಪರಿಷತ್ ವತಿಯಿಂದ ಆಯೋಜಿಸಿದ್ದ ತಾಲೂಕು ಸಾಹಿತ್ಯ ಸಮ್ಮೇಳನದಲ್ಲಿ ಮಾತನಾಡಿದರು. ಕನ್ನಡ ಭಾಷೆ ಉಳಿಸಿ ಬೆಳೆಸುವ ಕಾರ್ಯ ಎಲ್ಲರ ಹೊಣೆಯಾಗಿದೆ.

ಬಾಳೆಹೊನ್ನೂರು: ಮಕ್ಕಳಿಗೆ ಮೊಬೈಲ್ ನೀಡುವ ಬದಲು ರಾಮಾಯಣ, ಮಹಾಭಾರತದಂತಹ ಮಹಾಕಾವ್ಯಗಳನ್ನು ಬೋಧಿಸಿ ಉತ್ತಮ ಸಂಸ್ಕಾರ ನೀಡಬೇಕು ಎಂದು ಹಿರಿಯ ಚಿತ್ರನಟ ದೊಡ್ಡಣ್ಣ ಹೇಳಿದರು. ಕನ್ನಡ ಸಾಹಿತ್ಯ ಪರಿಷತ್ ವತಿಯಿಂದ ಆಯೋಜಿಸಿದ್ದ ತಾಲೂಕು ಸಾಹಿತ್ಯ ಸಮ್ಮೇಳನದಲ್ಲಿ ಮಾತನಾಡಿದರು. ಕನ್ನಡ ಭಾಷೆ ಉಳಿಸಿ ಬೆಳೆಸುವ ಕಾರ್ಯ ಎಲ್ಲರ ಹೊಣೆಯಾಗಿದೆ.

ಬಾಳೆಹೊನ್ನೂರು: ಮಕ್ಕಳಿಗೆ ಮೊಬೈಲ್ ನೀಡುವ ಬದಲು ರಾಮಾಯಣ, ಮಹಾಭಾರತದಂತಹ ಮಹಾಕಾವ್ಯಗಳನ್ನು ಬೋಧಿಸಿ ಉತ್ತಮ ಸಂಸ್ಕಾರ ನೀಡಬೇಕು ಎಂದು ಹಿರಿಯ ಚಿತ್ರನಟ ದೊಡ್ಡಣ್ಣ ಹೇಳಿದರು. ಕನ್ನಡ ಸಾಹಿತ್ಯ ಪರಿಷತ್ ವತಿಯಿಂದ ಆಯೋಜಿಸಿದ್ದ ತಾಲೂಕು ಸಾಹಿತ್ಯ ಸಮ್ಮೇಳನದಲ್ಲಿ ಮಾತನಾಡಿದರು. ಕನ್ನಡ ಭಾಷೆ ಉಳಿಸಿ ಬೆಳೆಸುವ ಕಾರ್ಯ ಎಲ್ಲರ ಹೊಣೆಯಾಗಿದೆ.

ಬಾಳೆಹೊನ್ನೂರು: ಮಕ್ಕಳಿಗೆ ಮೊಬೈಲ್ ನೀಡುವ ಬದಲು ರಾಮಾಯಣ, ಮಹಾಭಾರತದಂತಹ ಮಹಾಕಾವ್ಯಗಳನ್ನು ಬೋಧಿಸಿ ಉತ್ತಮ ಸಂಸ್ಕಾರ ನೀಡಬೇಕು ಎಂದು ಹಿರಿಯ ಚಿತ್ರನಟ ದೊಡ್ಡಣ್ಣ ಹೇಳಿದರು. ಕನ್ನಡ ಸಾಹಿತ್ಯ ಪರಿಷತ್ ವತಿಯಿಂದ ಆಯೋಜಿಸಿದ್ದ ತಾಲೂಕು ಸಾಹಿತ್ಯ ಸಮ್ಮೇಳನದಲ್ಲಿ ಮಾತನಾಡಿದರು. ಕನ್ನಡ ಭಾಷೆ ಉಳಿಸಿ ಬೆಳೆಸುವ ಕಾರ್ಯ ಎಲ್ಲರ ಹೊಣೆಯಾಗಿದೆ.

ಬಾಳೆಹೊನ್ನೂರು: ಮಕ್ಕಳಿಗೆ ಮೊಬೈಲ್ ನೀಡುವ ಬದಲು ರಾಮಾಯಣ, ಮಹಾಭಾರತದಂತಹ ಮಹಾಕಾವ್ಯಗಳನ್ನು ಬೋಧಿಸಿ ಉತ್ತಮ ಸಂಸ್ಕಾರ ನೀಡಬೇಕು ಎಂದು ಹಿರಿಯ ಚಿತ್ರನಟ ದೊಡ್ಡಣ್ಣ ಹೇಳಿದರು. ಕನ್ನಡ ಸಾಹಿತ್ಯ ಪರಿಷತ್ ವತಿಯಿಂದ ಆಯೋಜಿಸಿದ್ದ ತಾಲೂಕು ಸಾಹಿತ್ಯ ಸಮ್ಮೇಳನದಲ್ಲಿ ಮಾತನಾಡಿದರು. ಕನ್ನಡ ಭಾಷೆ ಉಳಿಸಿ ಬೆಳೆಸುವ ಕಾರ್ಯ ಎಲ್ಲರ ಹೊಣೆಯಾಗಿದೆ.

'ಮಾವುತ' ಸಿನಿಮಾ ಪ್ರೋತ್ಸಾಹಿಸಿ
■ ಉದಯವಾಣಿ ಸಮಾಚಾರ

ಬಾಳೆಹೊನ್ನೂರು: ಮಕ್ಕಳಿಗೆ ಮೊಬೈಲ್ ನೀಡುವ ಬದಲು ರಾಮಾಯಣ, ಮಹಾಭಾರತದಂತಹ ಮಹಾಕಾವ್ಯಗಳನ್ನು ಬೋಧಿಸಿ ಉತ್ತಮ ಸಂಸ್ಕಾರ ನೀಡಬೇಕು ಎಂದು ಹಿರಿಯ ಚಿತ್ರನಟ ದೊಡ್ಡಣ್ಣ ಹೇಳಿದರು. ಕನ್ನಡ ಸಾಹಿತ್ಯ ಪರಿಷತ್ ವತಿಯಿಂದ ಆಯೋಜಿಸಿದ್ದ ತಾಲೂಕು ಸಾಹಿತ್ಯ ಸಮ್ಮೇಳನದಲ್ಲಿ ಮಾತನಾಡಿದರು. ಕನ್ನಡ ಭಾಷೆ ಉಳಿಸಿ ಬೆಳೆಸುವ ಕಾರ್ಯ ಎಲ್ಲರ ಹೊಣೆಯಾಗಿದೆ.

ಬಾಳೆಹೊನ್ನೂರು: ಮಕ್ಕಳಿಗೆ ಮೊಬೈಲ್ ನೀಡುವ ಬದಲು ರಾಮಾಯಣ, ಮಹಾಭಾರತದಂತಹ ಮಹಾಕಾವ್ಯಗಳನ್ನು ಬೋಧಿಸಿ ಉತ್ತಮ ಸಂಸ್ಕಾರ ನೀಡಬೇಕು ಎಂದು ಹಿರಿಯ ಚಿತ್ರನಟ ದೊಡ್ಡಣ್ಣ ಹೇಳಿದರು. ಕನ್ನಡ ಸಾಹಿತ್ಯ ಪರಿಷತ್ ವತಿಯಿಂದ ಆಯೋಜಿಸಿದ್ದ ತಾಲೂಕು ಸಾಹಿತ್ಯ ಸಮ್ಮೇಳನದಲ್ಲಿ ಮಾತನಾಡಿದರು. ಕನ್ನಡ ಭಾಷೆ ಉಳಿಸಿ ಬೆಳೆಸುವ ಕಾರ್ಯ ಎಲ್ಲರ ಹೊಣೆಯಾಗಿದೆ.

ಬಾಳೆಹೊನ್ನೂರು: ಮಕ್ಕಳಿಗೆ ಮೊಬೈಲ್ ನೀಡುವ ಬದಲು ರಾಮಾಯಣ, ಮಹಾಭಾರತದಂತಹ ಮಹಾಕಾವ್ಯಗಳನ್ನು ಬೋಧಿಸಿ ಉತ್ತಮ ಸಂಸ್ಕಾರ ನೀಡಬೇಕು ಎಂದು ಹಿರಿಯ ಚಿತ್ರನಟ ದೊಡ್ಡಣ್ಣ ಹೇಳಿದರು. ಕನ್ನಡ ಸಾಹಿತ್ಯ ಪರಿಷತ್ ವತಿಯಿಂದ ಆಯೋಜಿಸಿದ್ದ ತಾಲೂಕು ಸಾಹಿತ್ಯ ಸಮ್ಮೇಳನದಲ್ಲಿ ಮಾತನಾಡಿದರು. ಕನ್ನಡ ಭಾಷೆ ಉಳಿಸಿ ಬೆಳೆಸುವ ಕಾರ್ಯ ಎಲ್ಲರ ಹೊಣೆಯಾಗಿದೆ.

ಬಾಳೆಹೊನ್ನೂರು: ಮಕ್ಕಳಿಗೆ ಮೊಬೈಲ್ ನೀಡುವ ಬದಲು ರಾಮಾಯಣ, ಮಹಾಭಾರತದಂತಹ ಮಹಾಕಾವ್ಯಗಳನ್ನು ಬೋಧಿಸಿ ಉತ್ತಮ ಸಂಸ್ಕಾರ ನೀಡಬೇಕು ಎಂದು ಹಿರಿಯ ಚಿತ್ರನಟ ದೊಡ್ಡಣ್ಣ ಹೇಳಿದರು. ಕನ್ನಡ ಸಾಹಿತ್ಯ ಪರಿಷತ್ ವತಿಯಿಂದ

ಬಾಳೆಹೊನ್ನೂರು: ಮಕ್ಕಳಿಗೆ ಮೊಬೈಲ್ ನೀಡುವ ಬದಲು ರಾಮಾಯಣ, ಮಹಾಭಾರತದಂತಹ ಮಹಾಕಾವ್ಯಗಳನ್ನು ಬೋಧಿಸಿ ಉತ್ತಮ ಸಂಸ್ಕಾರ ನೀಡಬೇಕು ಎಂದು ಹಿರಿಯ ಚಿತ್ರನಟ ದೊಡ್ಡಣ್ಣ ಹೇಳಿದರು. ಕನ್ನಡ ಸಾಹಿತ್ಯ ಪರಿಷತ್ ವತಿಯಿಂದ ಆಯೋಜಿಸಿದ್ದ ತಾಲೂಕು ಸಾಹಿತ್ಯ ಸಮ್ಮೇಳನದಲ್ಲಿ ಮಾತನಾಡಿದರು. ಕನ್ನಡ ಭಾಷೆ ಉಳಿಸಿ ಬೆಳೆಸುವ ಕಾರ್ಯ ಎಲ್ಲರ ಹೊಣೆಯಾಗಿದೆ.

ಬಾಳೆಹೊನ್ನೂರು: ಮಕ್ಕಳಿಗೆ ಮೊಬೈಲ್ ನೀಡುವ ಬದಲು ರಾಮಾಯಣ, ಮಹಾಭಾರತದಂತಹ ಮಹಾಕಾವ್ಯಗಳನ್ನು ಬೋಧಿಸಿ ಉತ್ತಮ ಸಂಸ್ಕಾರ ನೀಡಬೇಕು ಎಂದು ಹಿರಿಯ ಚಿತ್ರನಟ ದೊಡ್ಡಣ್ಣ ಹೇಳಿದರು. ಕನ್ನಡ ಸಾಹಿತ್ಯ ಪರಿಷತ್ ವತಿಯಿಂದ ಆಯೋಜಿಸಿದ್ದ ತಾಲೂಕು ಸಾಹಿತ್ಯ ಸಮ್ಮೇಳನದಲ್ಲಿ ಮಾತನಾಡಿದರು. ಕನ್ನಡ ಭಾಷೆ ಉಳಿಸಿ ಬೆಳೆಸುವ ಕಾರ್ಯ ಎಲ್ಲರ ಹೊಣೆಯಾಗಿದೆ.

ಬಾಳೆಹೊನ್ನೂರು: ಮಕ್ಕಳಿಗೆ ಮೊಬೈಲ್ ನೀಡುವ ಬದಲು ರಾಮಾಯಣ, ಮಹಾಭಾರತದಂತಹ ಮಹಾಕಾವ್ಯಗಳನ್ನು ಬೋಧಿಸಿ ಉತ್ತಮ ಸಂಸ್ಕಾರ ನೀಡಬೇಕು ಎಂದು ಹಿರಿಯ ಚಿತ್ರನಟ ದೊಡ್ಡಣ್ಣ ಹೇಳಿದರು. ಕನ್ನಡ ಸಾಹಿತ್ಯ ಪರಿಷತ್ ವತಿಯಿಂದ ಆಯೋಜಿಸಿದ್ದ ತಾಲೂಕು ಸಾಹಿತ್ಯ ಸಮ್ಮೇಳನದಲ್ಲಿ ಮಾತನಾಡಿದರು. ಕನ್ನಡ ಭಾಷೆ ಉಳಿಸಿ ಬೆಳೆಸುವ ಕಾರ್ಯ ಎಲ್ಲರ ಹೊಣೆಯಾಗಿದೆ.

ಬಾಳೆಹೊನ್ನೂರು: ಮಕ್ಕಳಿಗೆ ಮೊಬೈಲ್ ನೀಡುವ ಬದಲು ರಾಮಾಯಣ, ಮಹಾಭಾರತದಂತಹ ಮಹಾಕಾವ್ಯಗಳನ್ನು ಬೋಧಿಸಿ ಉತ್ತಮ ಸಂಸ್ಕಾರ ನೀಡಬೇಕು ಎಂದು ಹಿರಿಯ ಚಿತ್ರನಟ ದೊಡ್ಡಣ್ಣ ಹೇಳಿದರು. ಕನ್ನಡ ಸಾಹಿತ್ಯ ಪರಿಷತ್ ವತಿಯಿಂದ

ಕಡೂರು: 'ಮಾವುತ' ಸಿನಿಮಾ ಪ್ರಚಾರ ಕಾರ್ಯಕ್ರಮದಲ್ಲಿ ಚಿತ್ರತಂಡ.
● ● ● ● ● ● ● ●
